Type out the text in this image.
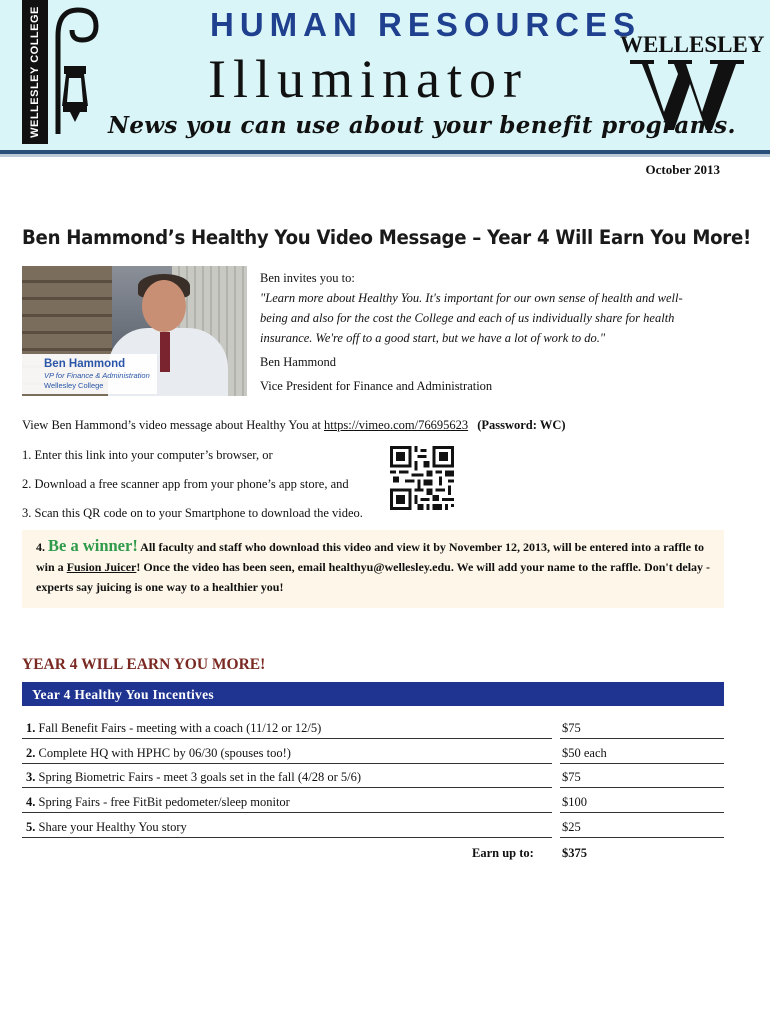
WELLESLEY COLLEGE	HUMAN RESOURCES
Illuminator
News you can use about your benefit programs.
WELLESLEY
October 2013
Ben Hammond’s Healthy You Video Message – Year 4 Will Earn You More!
Ben Hammond
VP for Finance & Administration
Wellesley College

Ben invites you to:

"Learn more about Healthy You. It's important for our own sense of health and well-being and also for the cost the College and each of us individually share for health insurance. We're off to a good start, but we have a lot of work to do."

Ben Hammond

Vice President for Finance and Administration

View Ben Hammond’s video message about Healthy You at https://vimeo.com/76695623 (Password: WC)
1. Enter this link into your computer’s browser, or
2. Download a free scanner app from your phone’s app store, and
3. Scan this QR code on to your Smartphone to download the video.
4. Be a winner! All faculty and staff who download this video and view it by November 12, 2013, will be entered into a raffle to win a Fusion Juicer! Once the video has been seen, email healthyu@wellesley.edu. We will add your name to the raffle. Don't delay - experts say juicing is one way to a healthier you!
YEAR 4 WILL EARN YOU MORE!
Year 4 Healthy You Incentives
1. Fall Benefit Fairs - meeting with a coach (11/12 or 12/5)	$75
2. Complete HQ with HPHC by 06/30 (spouses too!)	$50 each
3. Spring Biometric Fairs - meet 3 goals set in the fall (4/28 or 5/6)	$75
4. Spring Fairs - free FitBit pedometer/sleep monitor	$100
5. Share your Healthy You story	$25
Earn up to: $375
